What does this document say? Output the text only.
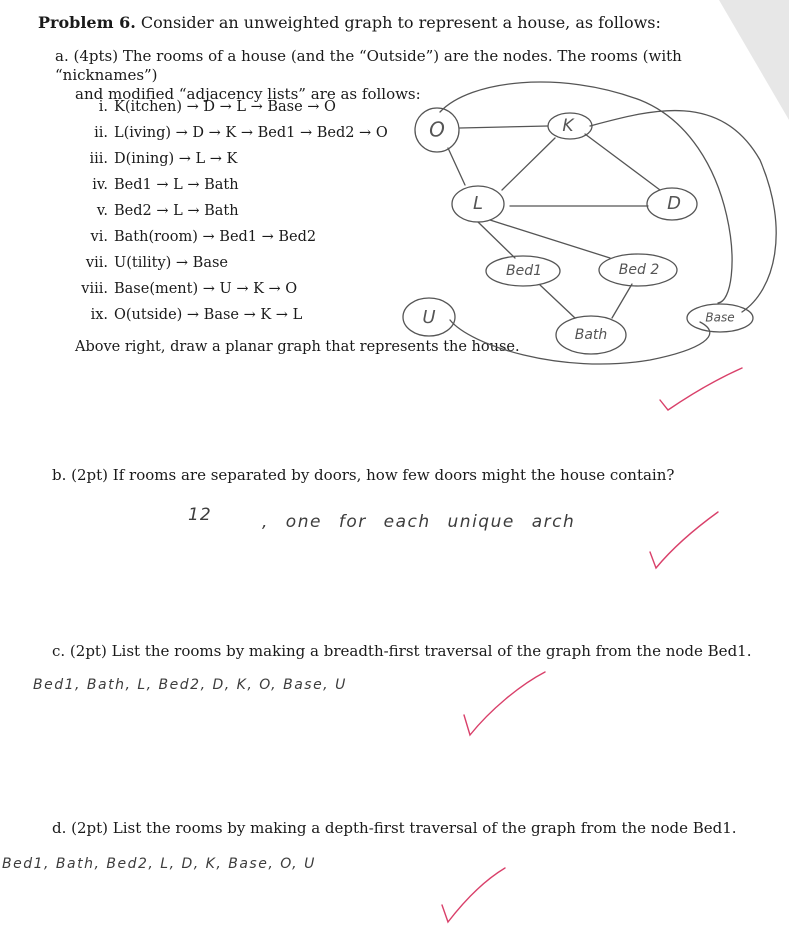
Problem 6. Consider an unweighted graph to represent a house, as follows:
a. (4pts) The rooms of a house (and the “Outside”) are the nodes. The rooms (with “nicknames”)
and modified “adjacency lists” are as follows:
i. K(itchen) → D → L → Base → O
ii. L(iving) → D → K → Bed1 → Bed2 → O
iii. D(ining) → L → K
iv. Bed1 → L → Bath
v. Bed2 → L → Bath
vi. Bath(room) → Bed1 → Bed2
vii. U(tility) → Base
viii. Base(ment) → U → K → O
ix. O(utside) → Base → K → L
Above right, draw a planar graph that represents the house.
O	K
L	D
Bed1	Bed 2
U
Bath
Base
b. (2pt) If rooms are separated by doors, how few doors might the house contain?
12	, one for each unique arch
c. (2pt) List the rooms by making a breadth-first traversal of the graph from the node Bed1.
Bed1, Bath, L, Bed2, D, K, O, Base, U
d. (2pt) List the rooms by making a depth-first traversal of the graph from the node Bed1.
Bed1, Bath, Bed2, L, D, K, Base, O, U
